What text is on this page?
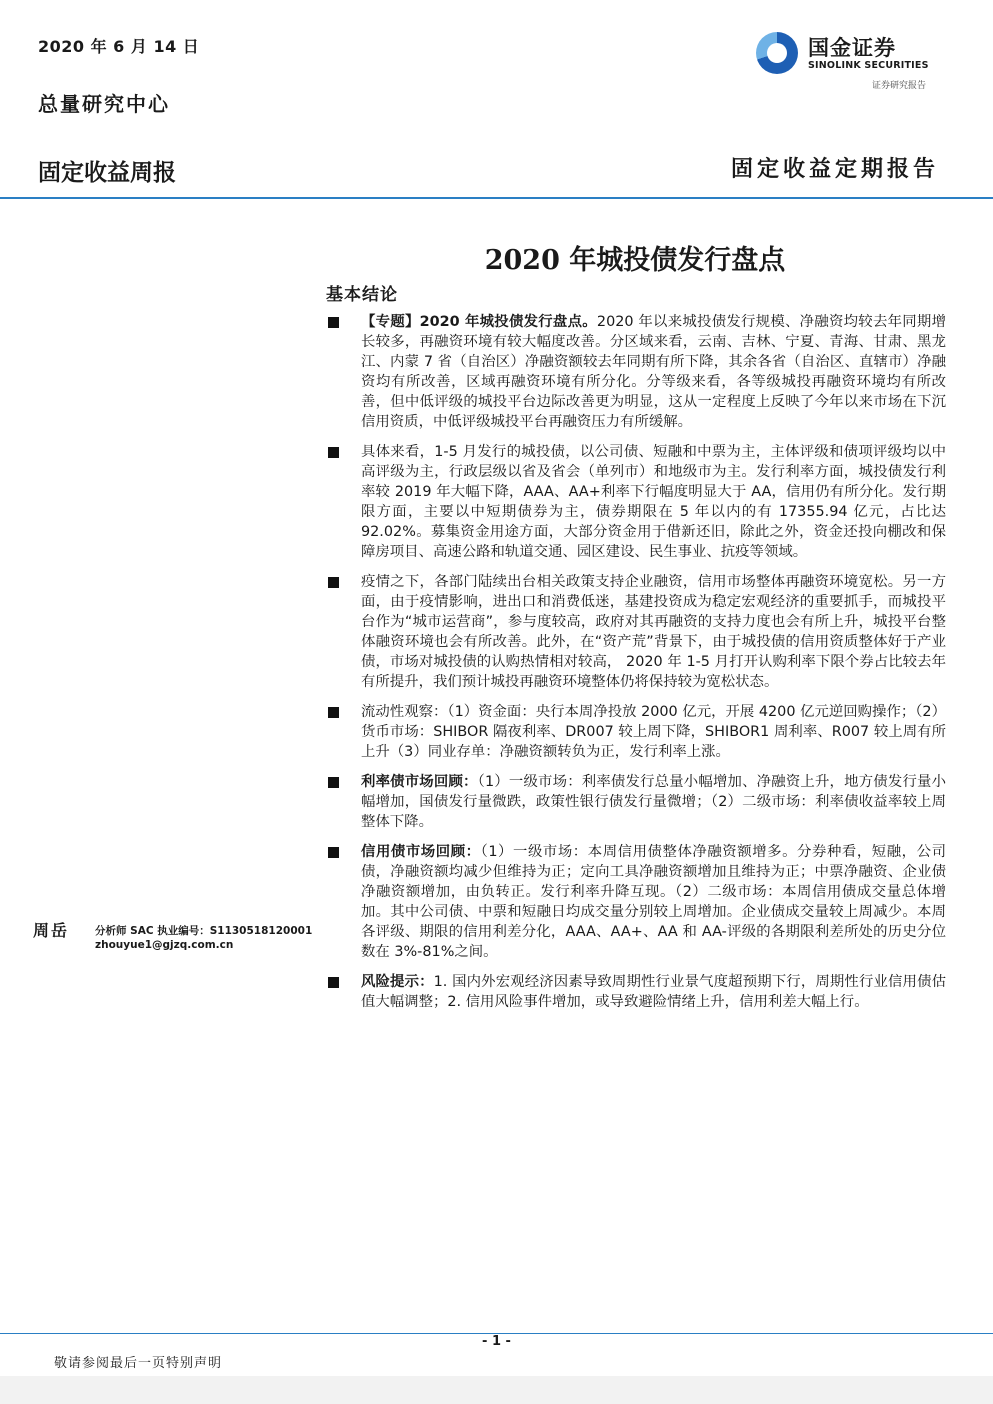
2020 年 6 月 14 日
总量研究中心
固定收益周报	固定收益定期报告
国金证券
SINOLINK SECURITIES
证券研究报告
2020 年城投债发行盘点
基本结论
【专题】2020 年城投债发行盘点。2020 年以来城投债发行规模、净融资均较去年同期增长较多，再融资环境有较大幅度改善。分区域来看，云南、吉林、宁夏、青海、甘肃、黑龙江、内蒙 7 省（自治区）净融资额较去年同期有所下降，其余各省（自治区、直辖市）净融资均有所改善，区域再融资环境有所分化。分等级来看，各等级城投再融资环境均有所改善，但中低评级的城投平台边际改善更为明显，这从一定程度上反映了今年以来市场在下沉信用资质，中低评级城投平台再融资压力有所缓解。
具体来看，1-5 月发行的城投债，以公司债、短融和中票为主，主体评级和债项评级均以中高评级为主，行政层级以省及省会（单列市）和地级市为主。发行利率方面，城投债发行利率较 2019 年大幅下降，AAA、AA+利率下行幅度明显大于 AA，信用仍有所分化。发行期限方面，主要以中短期债券为主，债券期限在 5 年以内的有 17355.94 亿元，占比达 92.02%。募集资金用途方面，大部分资金用于借新还旧，除此之外，资金还投向棚改和保障房项目、高速公路和轨道交通、园区建设、民生事业、抗疫等领域。
疫情之下，各部门陆续出台相关政策支持企业融资，信用市场整体再融资环境宽松。另一方面，由于疫情影响，进出口和消费低迷，基建投资成为稳定宏观经济的重要抓手，而城投平台作为“城市运营商”，参与度较高，政府对其再融资的支持力度也会有所上升，城投平台整体融资环境也会有所改善。此外，在“资产荒”背景下，由于城投债的信用资质整体好于产业债，市场对城投债的认购热情相对较高， 2020 年 1-5 月打开认购利率下限个券占比较去年有所提升，我们预计城投再融资环境整体仍将保持较为宽松状态。
流动性观察：（1）资金面：央行本周净投放 2000 亿元，开展 4200 亿元逆回购操作；（2）货币市场：SHIBOR 隔夜利率、DR007 较上周下降，SHIBOR1 周利率、R007 较上周有所上升（3）同业存单：净融资额转负为正，发行利率上涨。
利率债市场回顾：（1）一级市场：利率债发行总量小幅增加、净融资上升，地方债发行量小幅增加，国债发行量微跌，政策性银行债发行量微增；（2）二级市场：利率债收益率较上周整体下降。
信用债市场回顾：（1）一级市场：本周信用债整体净融资额增多。分券种看，短融，公司债，净融资额均减少但维持为正；定向工具净融资额增加且维持为正；中票净融资、企业债净融资额增加，由负转正。发行利率升降互现。（2）二级市场：本周信用债成交量总体增加。其中公司债、中票和短融日均成交量分别较上周增加。企业债成交量较上周减少。本周各评级、期限的信用利差分化，AAA、AA+、AA 和 AA-评级的各期限利差所处的历史分位数在 3%-81%之间。
风险提示：1. 国内外宏观经济因素导致周期性行业景气度超预期下行，周期性行业信用债估值大幅调整；2. 信用风险事件增加，或导致避险情绪上升，信用利差大幅上行。
周岳 分析师 SAC 执业编号：S1130518120001
zhouyue1@gjzq.com.cn
- 1 -
敬请参阅最后一页特别声明
